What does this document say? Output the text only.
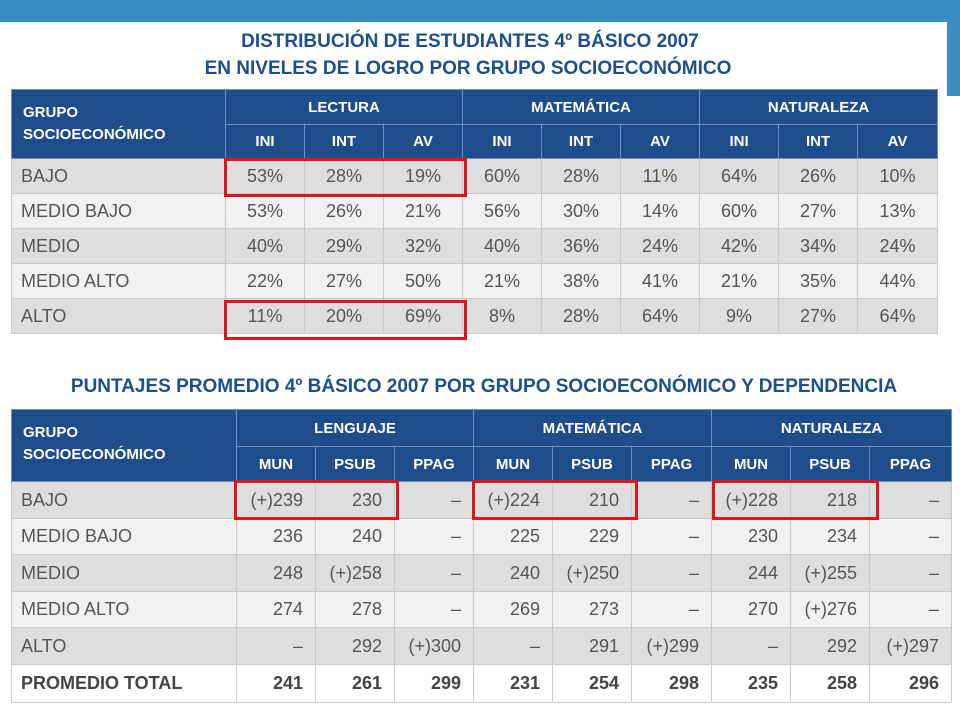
DISTRIBUCIÓN DE ESTUDIANTES 4º BÁSICO 2007
EN NIVELES DE LOGRO POR GRUPO SOCIOECONÓMICO
GRUPO
SOCIOECONÓMICO	LECTURA			MATEMÁTICA			NATURALEZA		
	INI	INT	AV	INI	INT	AV	INI	INT	AV
BAJO	53%	28%	19%	60%	28%	11%	64%	26%	10%
MEDIO BAJO	53%	26%	21%	56%	30%	14%	60%	27%	13%
MEDIO	40%	29%	32%	40%	36%	24%	42%	34%	24%
MEDIO ALTO	22%	27%	50%	21%	38%	41%	21%	35%	44%
ALTO	11%	20%	69%	8%	28%	64%	9%	27%	64%
PUNTAJES PROMEDIO 4º BÁSICO 2007 POR GRUPO SOCIOECONÓMICO Y DEPENDENCIA
GRUPO
SOCIOECONÓMICO	LENGUAJE			MATEMÁTICA			NATURALEZA		
	MUN	PSUB	PPAG	MUN	PSUB	PPAG	MUN	PSUB	PPAG
BAJO	(+)239	230	–	(+)224	210	–	(+)228	218	–
MEDIO BAJO	236	240	–	225	229	–	230	234	–
MEDIO	248	(+)258	–	240	(+)250	–	244	(+)255	–
MEDIO ALTO	274	278	–	269	273	–	270	(+)276	–
ALTO	–	292	(+)300	–	291	(+)299	–	292	(+)297
PROMEDIO TOTAL	241	261	299	231	254	298	235	258	296
